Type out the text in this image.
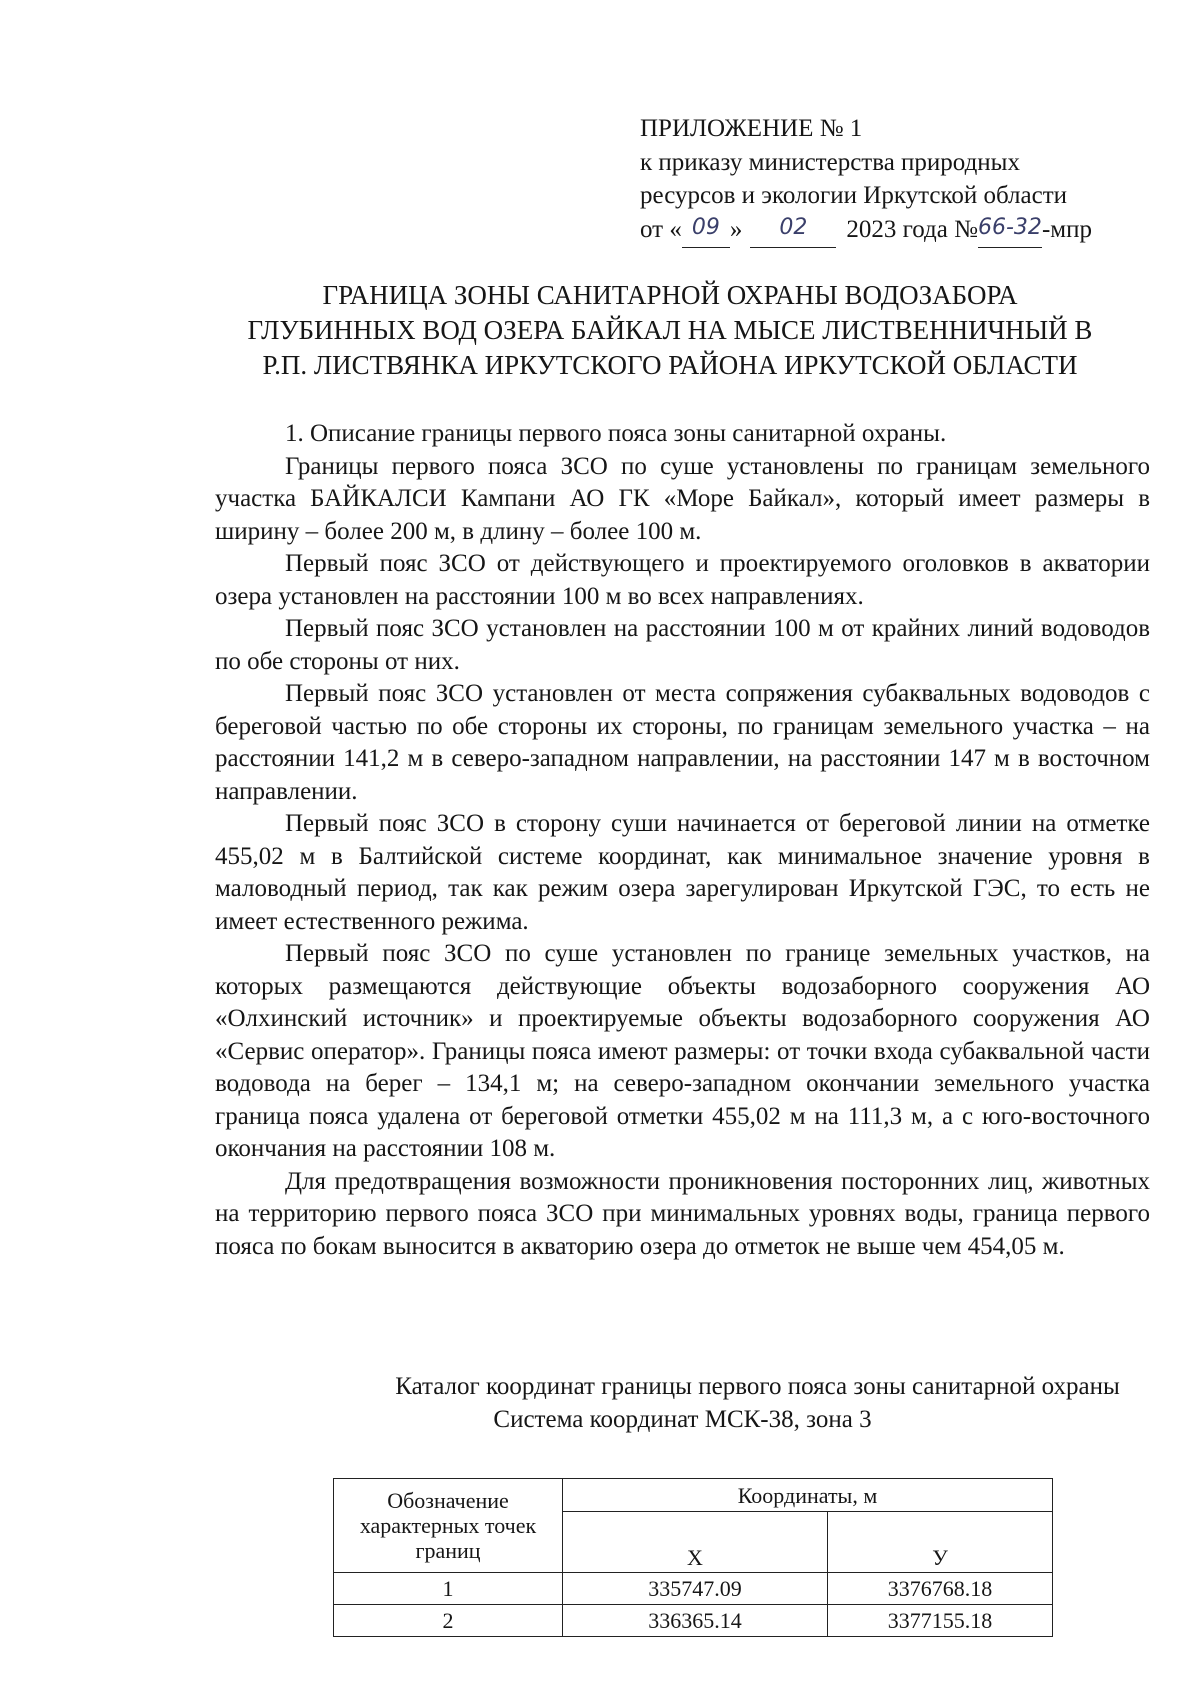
ПРИЛОЖЕНИЕ № 1
к приказу министерства природных
ресурсов и экологии Иркутской области
от « 09 » 02 2023 года №66-32-мпр
ГРАНИЦА ЗОНЫ САНИТАРНОЙ ОХРАНЫ ВОДОЗАБОРА
ГЛУБИННЫХ ВОД ОЗЕРА БАЙКАЛ НА МЫСЕ ЛИСТВЕННИЧНЫЙ В
Р.П. ЛИСТВЯНКА ИРКУТСКОГО РАЙОНА ИРКУТСКОЙ ОБЛАСТИ

1. Описание границы первого пояса зоны санитарной охраны.

Границы первого пояса ЗСО по суше установлены по границам земельного участка БАЙКАЛСИ Кампани АО ГК «Море Байкал», который имеет размеры в ширину – более 200 м, в длину – более 100 м.

Первый пояс ЗСО от действующего и проектируемого оголовков в акватории озера установлен на расстоянии 100 м во всех направлениях.

Первый пояс ЗСО установлен на расстоянии 100 м от крайних линий водоводов по обе стороны от них.

Первый пояс ЗСО установлен от места сопряжения субаквальных водоводов с береговой частью по обе стороны их стороны, по границам земельного участка – на расстоянии 141,2 м в северо-западном направлении, на расстоянии 147 м в восточном направлении.

Первый пояс ЗСО в сторону суши начинается от береговой линии на отметке 455,02 м в Балтийской системе координат, как минимальное значение уровня в маловодный период, так как режим озера зарегулирован Иркутской ГЭС, то есть не имеет естественного режима.

Первый пояс ЗСО по суше установлен по границе земельных участков, на которых размещаются действующие объекты водозаборного сооружения АО «Олхинский источник» и проектируемые объекты водозаборного сооружения АО «Сервис оператор». Границы пояса имеют размеры: от точки входа субаквальной части водовода на берег – 134,1 м; на северо-западном окончании земельного участка граница пояса удалена от береговой отметки 455,02 м на 111,3 м, а с юго-восточного окончания на расстоянии 108 м.

Для предотвращения возможности проникновения посторонних лиц, животных на территорию первого пояса ЗСО при минимальных уровнях воды, граница первого пояса по бокам выносится в акваторию озера до отметок не выше чем 454,05 м.

Каталог координат границы первого пояса зоны санитарной охраны
Система координат МСК-38, зона 3
Обозначение характерных точек границ	Координаты, м	
	X	У
1	335747.09	3376768.18
2	336365.14	3377155.18
